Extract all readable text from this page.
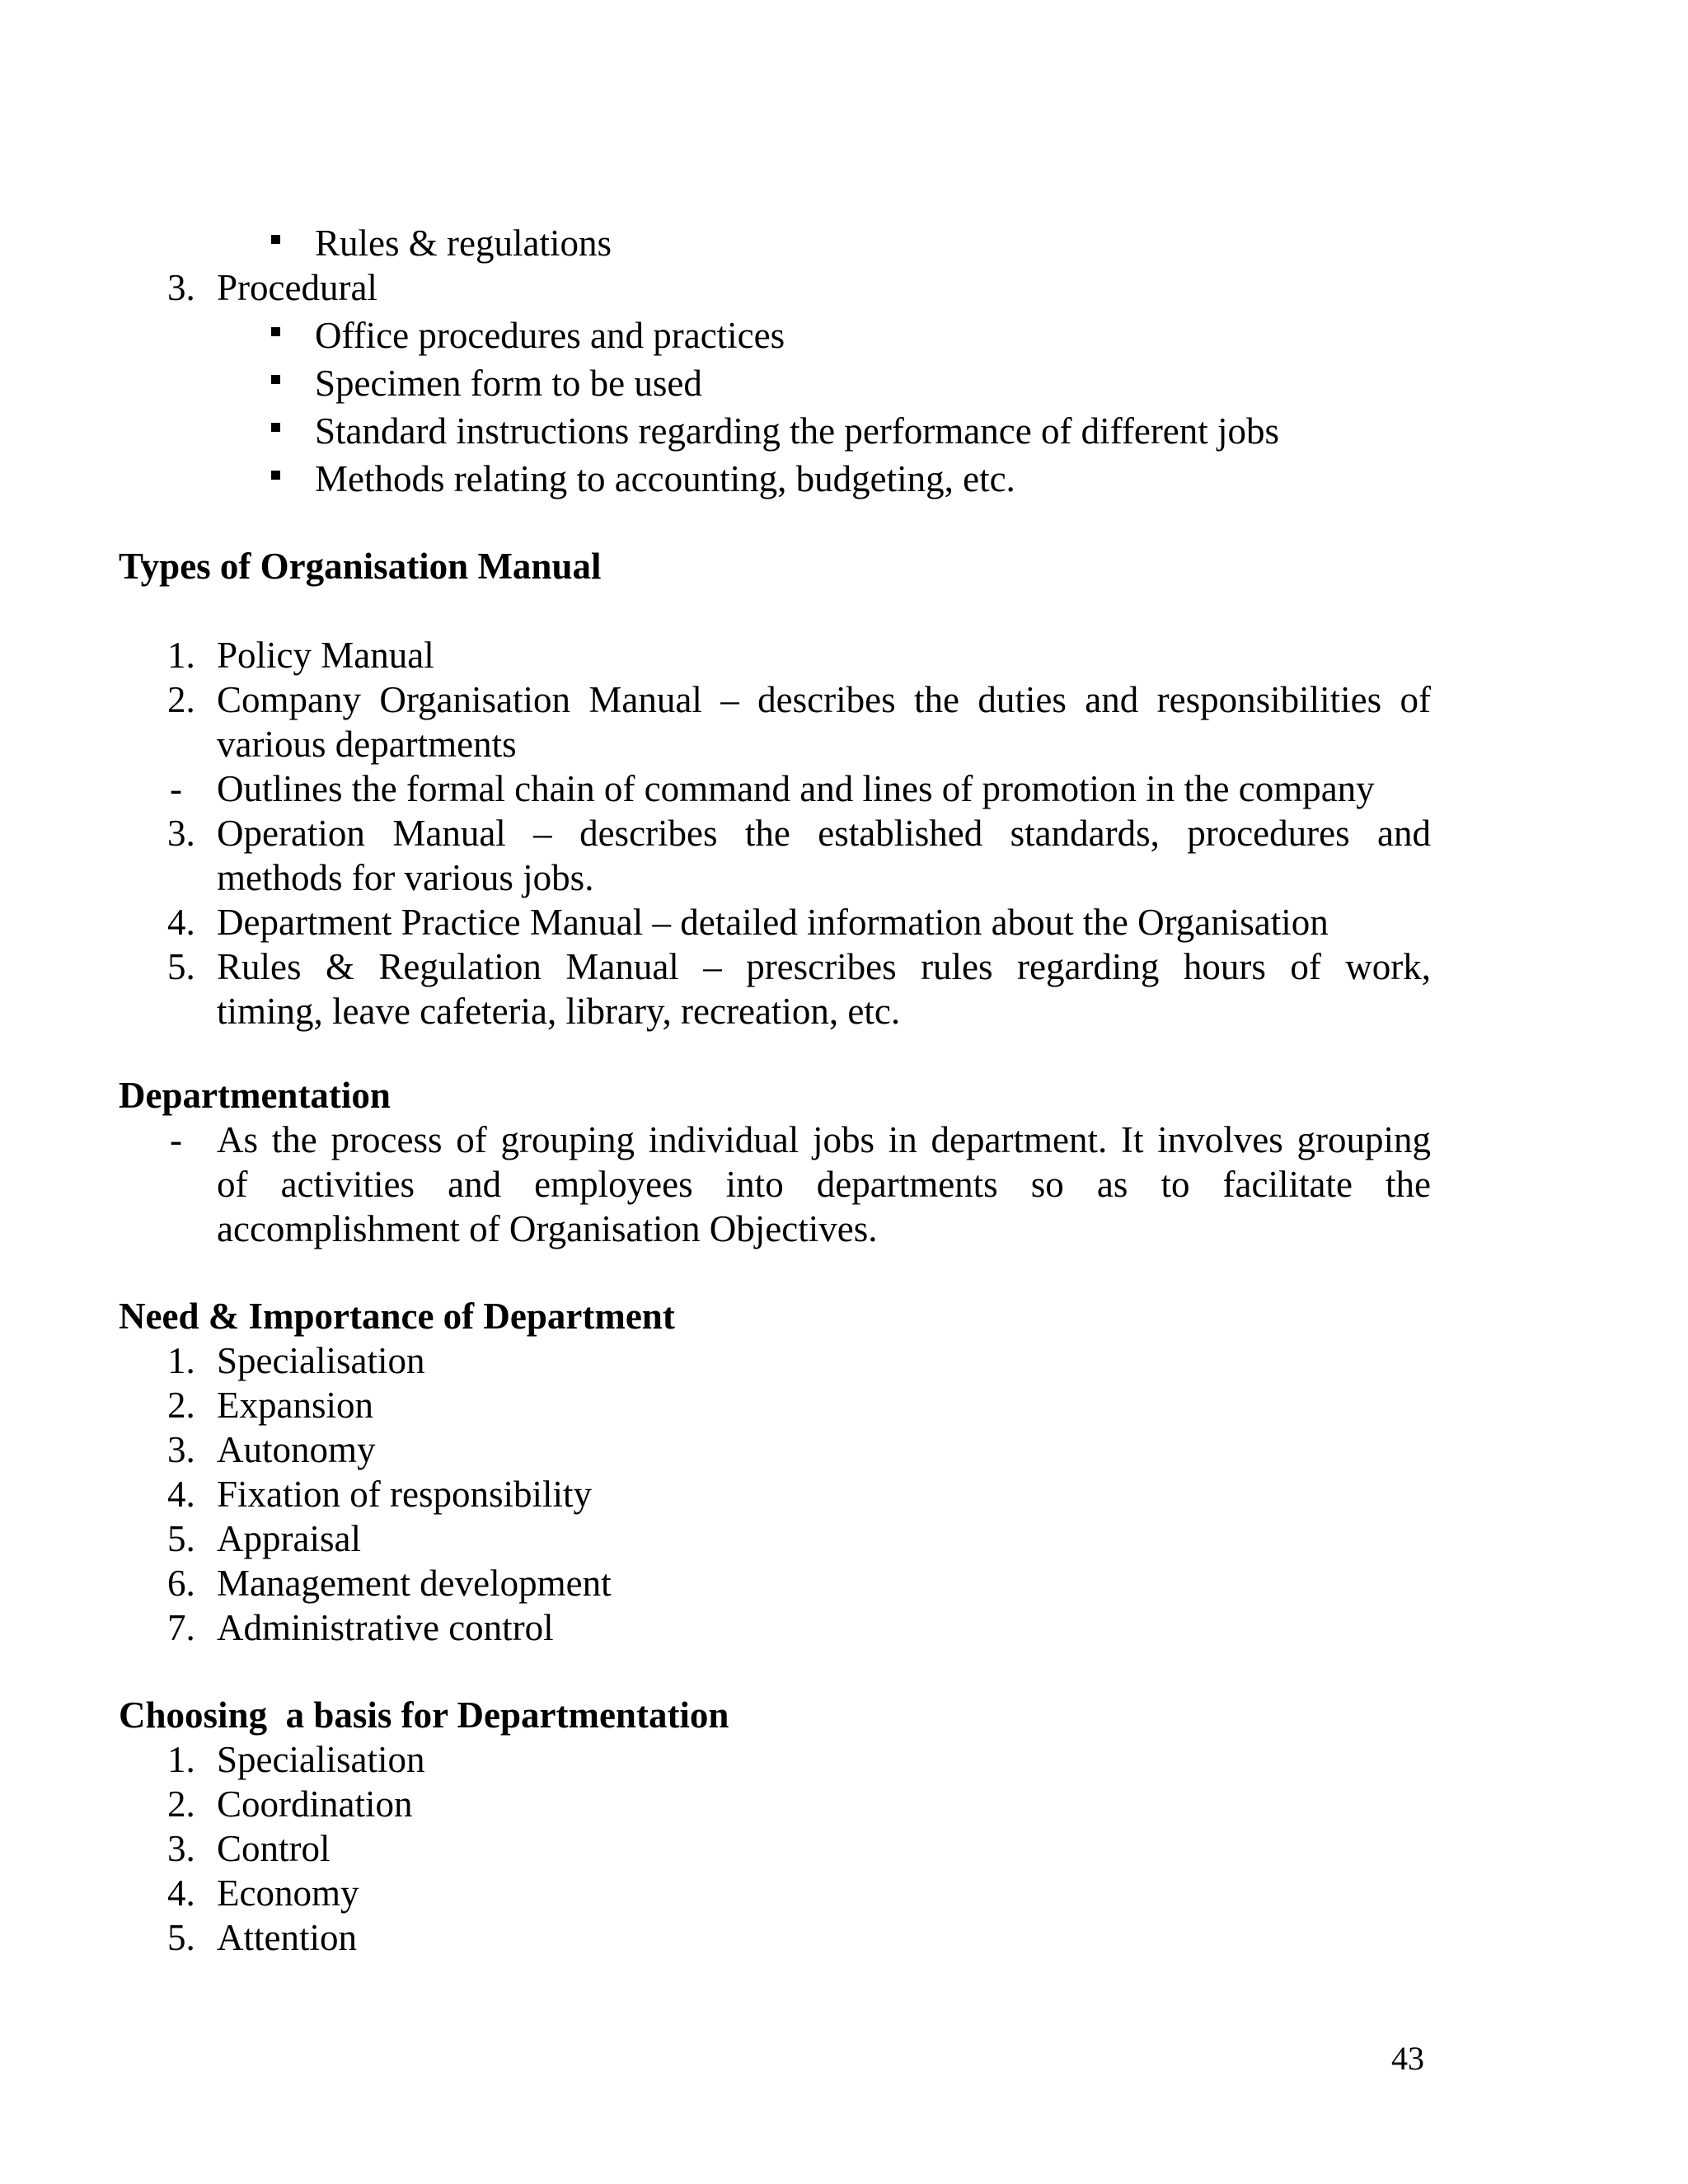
Rules & regulations
3. Procedural
Office procedures and practices
Specimen form to be used
Standard instructions regarding the performance of different jobs
Methods relating to accounting, budgeting, etc.
Types of Organisation Manual
1. Policy Manual
2. Company Organisation Manual – describes the duties and responsibilities of
various departments
- Outlines the formal chain of command and lines of promotion in the company
3. Operation Manual – describes the established standards, procedures and
methods for various jobs.
4. Department Practice Manual – detailed information about the Organisation
5. Rules & Regulation Manual – prescribes rules regarding hours of work,
timing, leave cafeteria, library, recreation, etc.
Departmentation
- As the process of grouping individual jobs in department. It involves grouping
of activities and employees into departments so as to facilitate the
accomplishment of Organisation Objectives.
Need & Importance of Department
1. Specialisation
2. Expansion
3. Autonomy
4. Fixation of responsibility
5. Appraisal
6. Management development
7. Administrative control
Choosing  a basis for Departmentation
1. Specialisation
2. Coordination
3. Control
4. Economy
5. Attention
43
